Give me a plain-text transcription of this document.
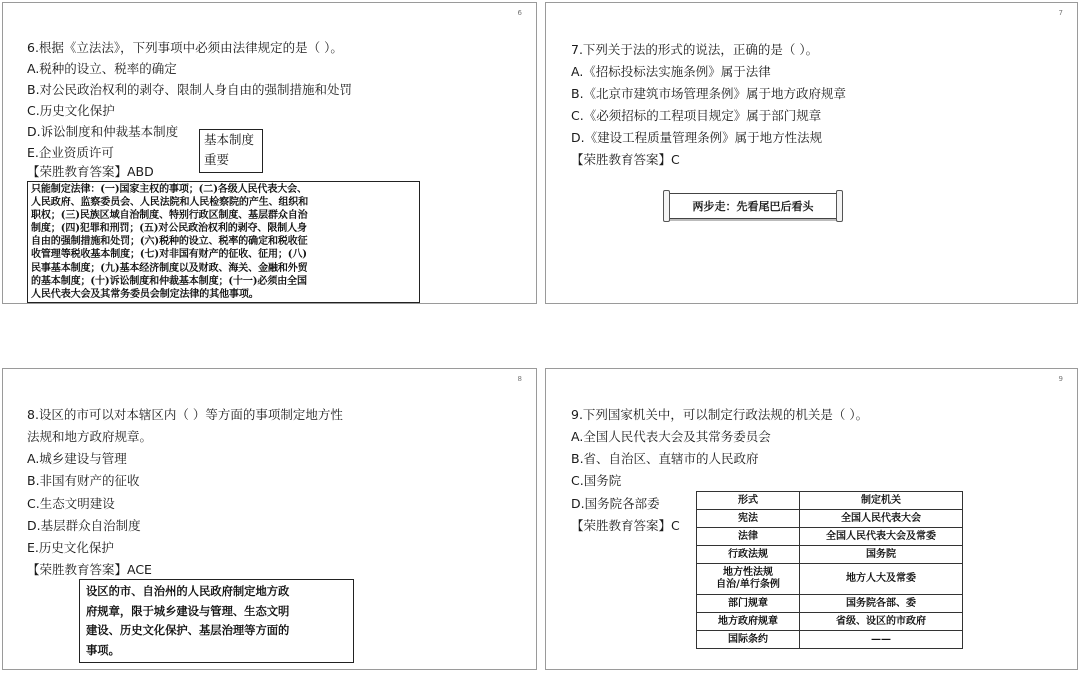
6
6.根据《立法法》，下列事项中必须由法律规定的是（ ）。
A.税种的设立、税率的确定
B.对公民政治权利的剥夺、限制人身自由的强制措施和处罚
C.历史文化保护
D.诉讼制度和仲裁基本制度
E.企业资质许可
【荣胜教育答案】ABD
基本制度
重要
只能制定法律：(一)国家主权的事项；(二)各级人民代表大会、
人民政府、监察委员会、人民法院和人民检察院的产生、组织和
职权；(三)民族区域自治制度、特别行政区制度、基层群众自治
制度；(四)犯罪和刑罚；(五)对公民政治权利的剥夺、限制人身
自由的强制措施和处罚；(六)税种的设立、税率的确定和税收征
收管理等税收基本制度；(七)对非国有财产的征收、征用；(八)
民事基本制度；(九)基本经济制度以及财政、海关、金融和外贸
的基本制度；(十)诉讼制度和仲裁基本制度；(十一)必须由全国
人民代表大会及其常务委员会制定法律的其他事项。
7
7.下列关于法的形式的说法，正确的是（ ）。
A.《招标投标法实施条例》属于法律
B.《北京市建筑市场管理条例》属于地方政府规章
C.《必须招标的工程项目规定》属于部门规章
D.《建设工程质量管理条例》属于地方性法规
【荣胜教育答案】C
两步走：先看尾巴后看头
8
8.设区的市可以对本辖区内（ ）等方面的事项制定地方性
法规和地方政府规章。
A.城乡建设与管理
B.非国有财产的征收
C.生态文明建设
D.基层群众自治制度
E.历史文化保护
【荣胜教育答案】ACE
设区的市、自治州的人民政府制定地方政
府规章，限于城乡建设与管理、生态文明
建设、历史文化保护、基层治理等方面的
事项。
9
9.下列国家机关中，可以制定行政法规的机关是（ ）。
A.全国人民代表大会及其常务委员会
B.省、自治区、直辖市的人民政府
C.国务院
D.国务院各部委
【荣胜教育答案】C
形式	制定机关
宪法	全国人民代表大会
法律	全国人民代表大会及常委
行政法规	国务院

地方性法规
自治/单行条例	地方人大及常委
部门规章	国务院各部、委
地方政府规章	省级、设区的市政府
国际条约	——
